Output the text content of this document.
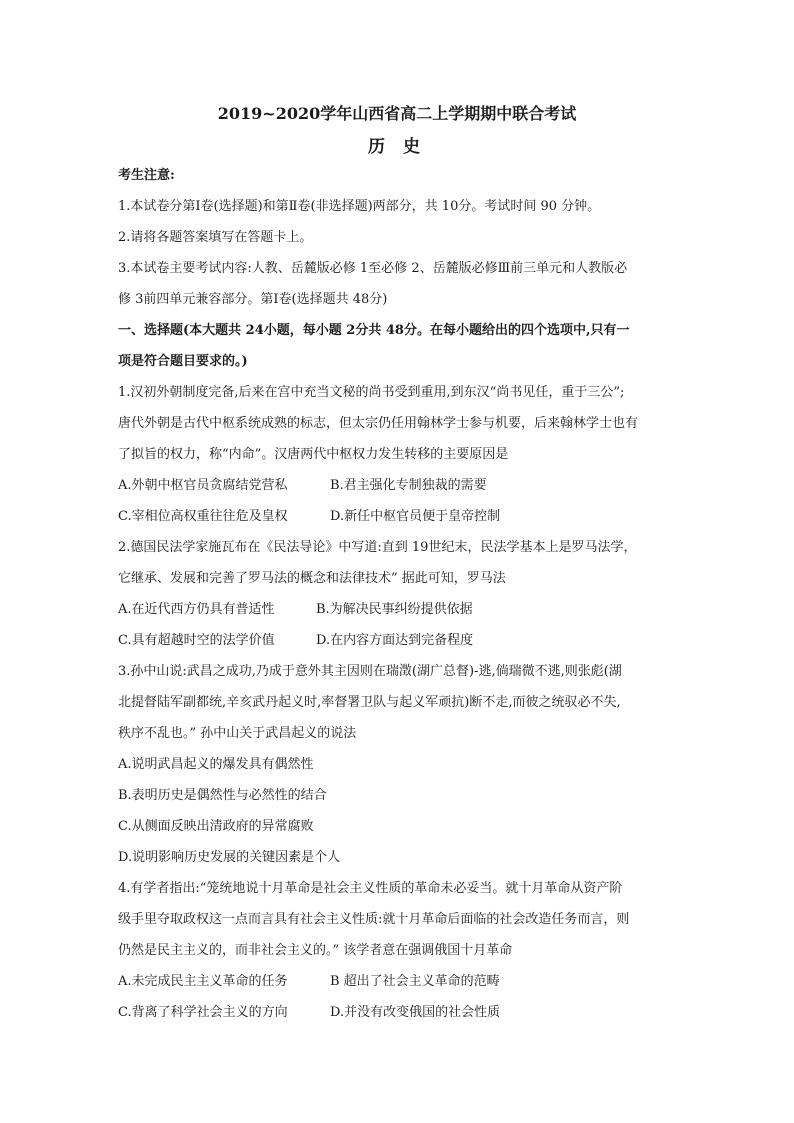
2019~2020学年山西省高二上学期期中联合考试
历 史
考生注意:
1.本试卷分第Ⅰ卷(选择题)和第Ⅱ卷(非选择题)两部分，共 10分。考试时间 90 分钟。
2.请将各题答案填写在答题卡上。
3.本试卷主要考试内容:人教、岳麓版必修 1至必修 2、岳麓版必修Ⅲ前三单元和人教版必
修 3前四单元兼容部分。第Ⅰ卷(选择题共 48分)
一、选择题(本大题共 24小题，每小题 2分共 48分。在每小题给出的四个选项中,只有一
项是符合题目要求的。)
1.汉初外朝制度完备,后来在宫中充当文秘的尚书受到重用,到东汉“尚书见任，重于三公”;
唐代外朝是古代中枢系统成熟的标志，但太宗仍任用翰林学士参与机要，后来翰林学士也有
了拟旨的权力，称“内命”。汉唐两代中枢权力发生转移的主要原因是
A.外朝中枢官员贪腐结党营私	B.君主强化专制独裁的需要
C.宰相位高权重往往危及皇权	D.新任中枢官员便于皇帝控制
2.德国民法学家施瓦布在《民法导论》中写道:直到 19世纪末，民法学基本上是罗马法学，
它继承、发展和完善了罗马法的概念和法律技术” 据此可知，罗马法
A.在近代西方仍具有普适性	B.为解决民事纠纷提供依据
C.具有超越时空的法学价值	D.在内容方面达到完备程度
3.孙中山说:武昌之成功,乃成于意外其主因则在瑞澂(湖广总督)-逃,倘瑞微不逃,则张彪(湖
北提督陆军副都统,辛亥武丹起义时,率督署卫队与起义军顽抗)断不走,而彼之统驭必不失,
秩序不乱也。” 孙中山关于武昌起义的说法
A.说明武昌起义的爆发具有偶然性
B.表明历史是偶然性与必然性的结合
C.从侧面反映出清政府的异常腐败
D.说明影响历史发展的关键因素是个人
4.有学者指出:“笼统地说十月革命是社会主义性质的革命未必妥当。就十月革命从资产阶
级手里夺取政权这一点而言具有社会主义性质:就十月革命后面临的社会改造任务而言，则
仍然是民主主义的，而非社会主义的。” 该学者意在强调俄国十月革命
A.未完成民主主义革命的任务	B 超出了社会主义革命的范畴
C.背离了科学社会主义的方向	D.并没有改变俄国的社会性质
